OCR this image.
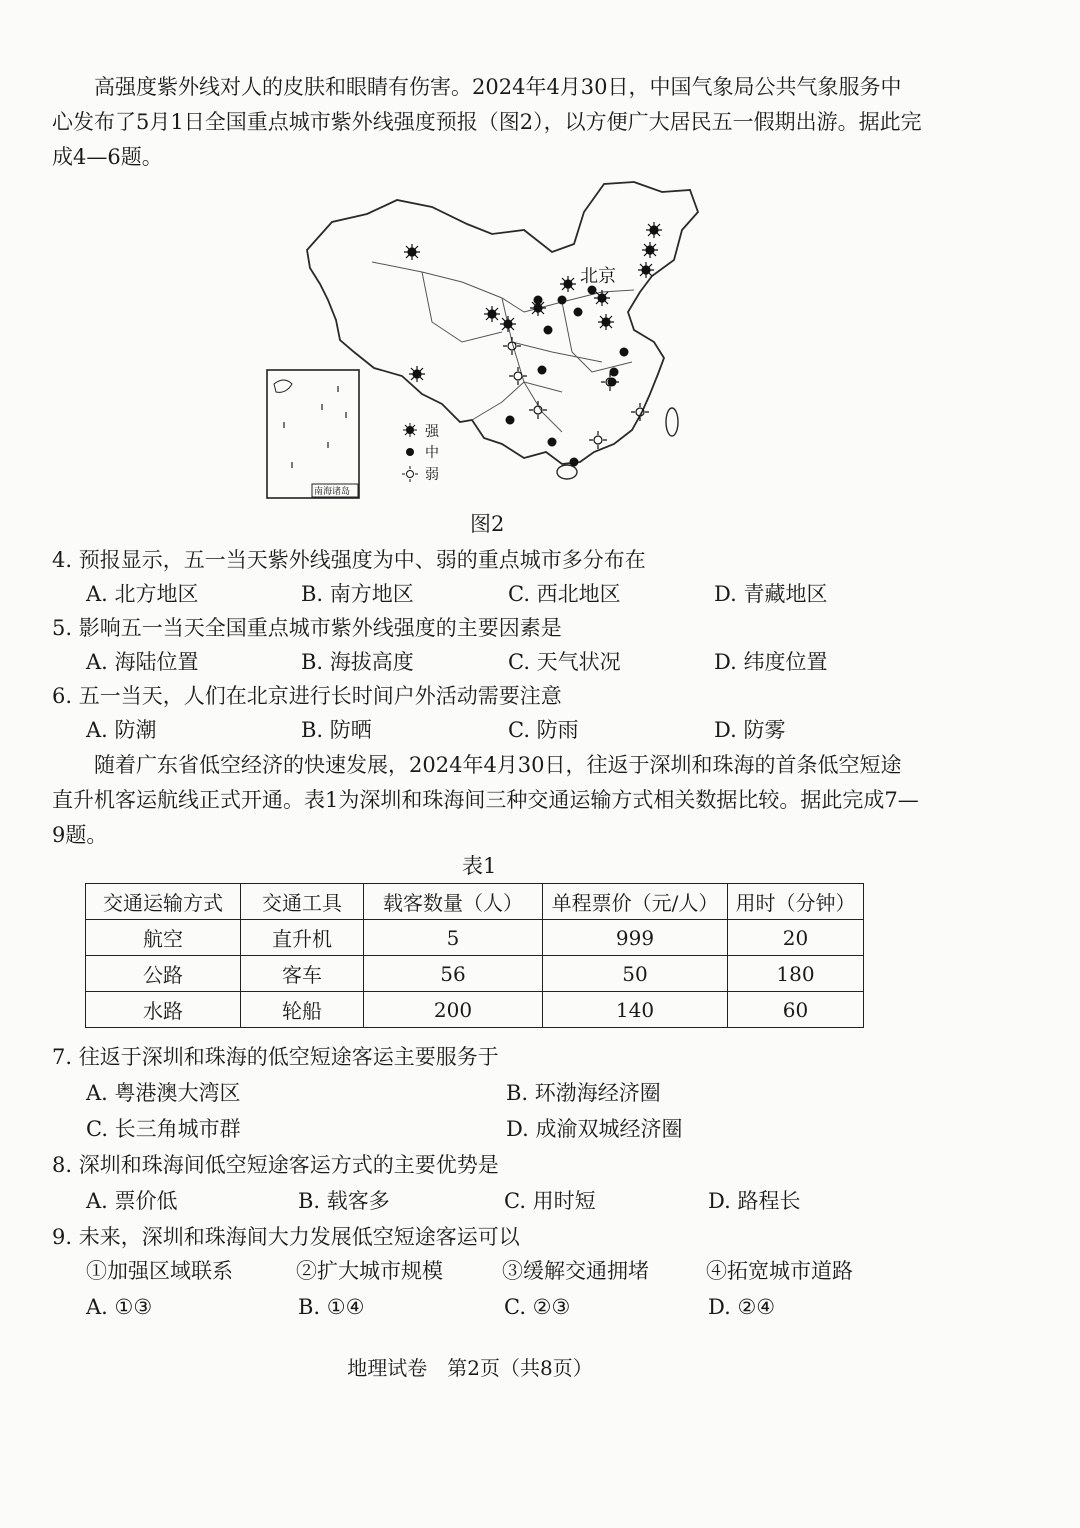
高强度紫外线对人的皮肤和眼睛有伤害。2024年4月30日，中国气象局公共气象服务中心发布了5月1日全国重点城市紫外线强度预报（图2），以方便广大居民五一假期出游。据此完成4—6题。

北京
南海诸岛
强
中
弱
图2
4. 预报显示，五一当天紫外线强度为中、弱的重点城市多分布在
A. 北方地区	B. 南方地区	C. 西北地区	D. 青藏地区
5. 影响五一当天全国重点城市紫外线强度的主要因素是
A. 海陆位置	B. 海拔高度	C. 天气状况	D. 纬度位置
6. 五一当天，人们在北京进行长时间户外活动需要注意
A. 防潮	B. 防晒	C. 防雨	D. 防雾

随着广东省低空经济的快速发展，2024年4月30日，往返于深圳和珠海的首条低空短途直升机客运航线正式开通。表1为深圳和珠海间三种交通运输方式相关数据比较。据此完成7—9题。

表1
交通运输方式	交通工具	载客数量（人）	单程票价（元/人）	用时（分钟）
航空	直升机	5	999	20
公路	客车	56	50	180
水路	轮船	200	140	60
7. 往返于深圳和珠海的低空短途客运主要服务于
A. 粤港澳大湾区	B. 环渤海经济圈
C. 长三角城市群	D. 成渝双城经济圈
8. 深圳和珠海间低空短途客运方式的主要优势是
A. 票价低	B. 载客多	C. 用时短	D. 路程长
9. 未来，深圳和珠海间大力发展低空短途客运可以
①加强区域联系	②扩大城市规模	③缓解交通拥堵	④拓宽城市道路
A. ①③	B. ①④	C. ②③	D. ②④
地理试卷　第2页（共8页）
